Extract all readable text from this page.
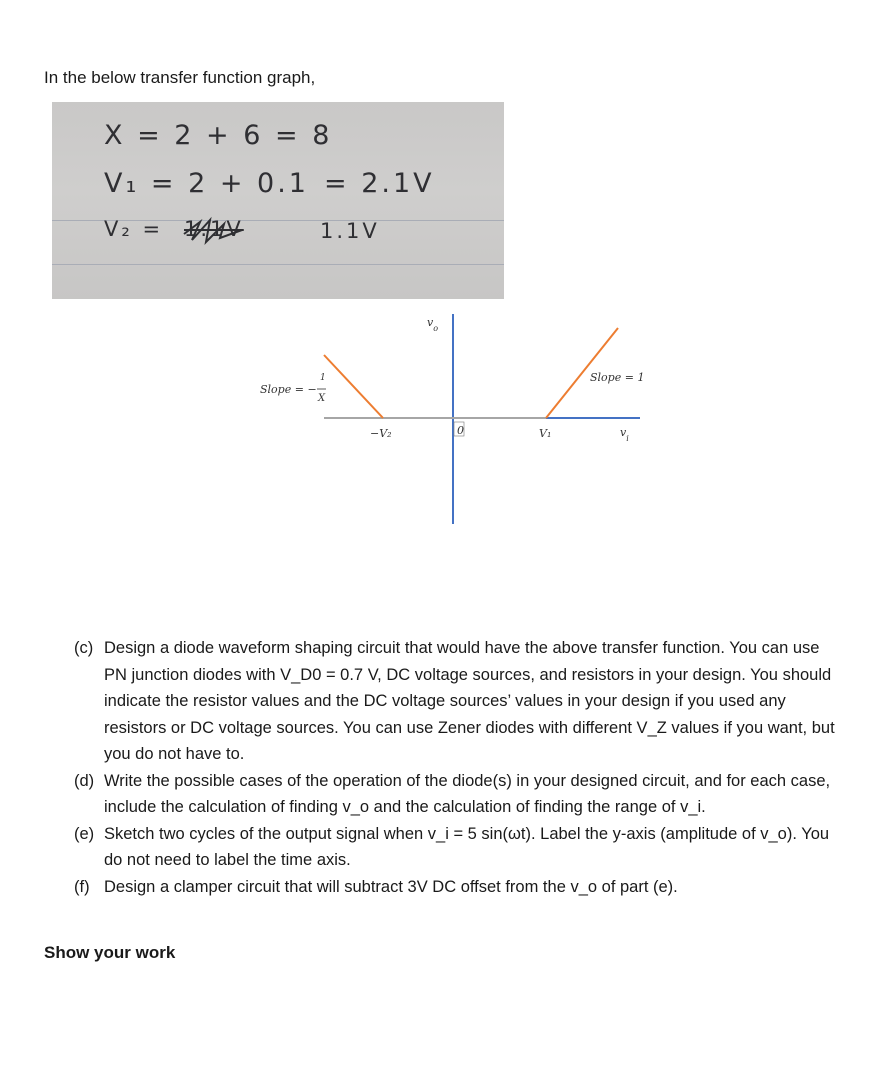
In the below transfer function graph,
X = 2 + 6 = 8
V₁ = 2 + 0.1 = 2.1V
V₂ = 1.1V	1.1V
$v_o$
$v_i$
−V₂	0	V₁
Slope = −
1
X
Slope = 1
(c) Design a diode waveform shaping circuit that would have the above transfer function. You can use PN junction diodes with V_D0 = 0.7 V, DC voltage sources, and resistors in your design. You should indicate the resistor values and the DC voltage sources’ values in your design if you used any resistors or DC voltage sources. You can use Zener diodes with different V_Z values if you want, but you do not have to.
(d) Write the possible cases of the operation of the diode(s) in your designed circuit, and for each case, include the calculation of finding v_o and the calculation of finding the range of v_i.
(e) Sketch two cycles of the output signal when v_i = 5 sin(ωt). Label the y-axis (amplitude of v_o). You do not need to label the time axis.
(f) Design a clamper circuit that will subtract 3V DC offset from the v_o of part (e).
Show your work
